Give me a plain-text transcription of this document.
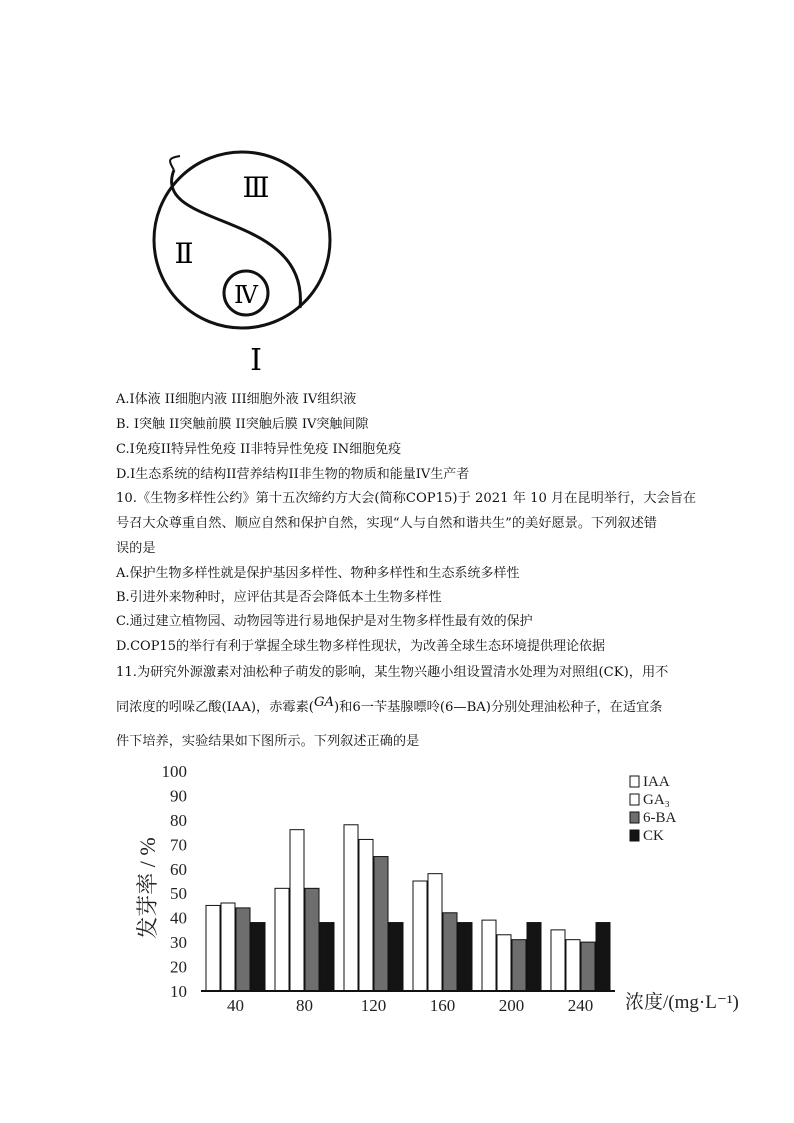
Ⅲ
Ⅱ
Ⅳ
Ⅰ
A.Ⅰ体液 II细胞内液 III细胞外液 IV组织液
B. Ⅰ突触 II突触前膜 II突触后膜 IV突触间隙
C.Ⅰ免疫II特异性免疫 II非特异性免疫 IN细胞免疫
D.Ⅰ生态系统的结构II营养结构II非生物的物质和能量IV生产者
10.《生物多样性公约》第十五次缔约方大会(简称COP15)于 2021 年 10 月在昆明举行，大会旨在
号召大众尊重自然、顺应自然和保护自然，实现“人与自然和谐共生”的美好愿景。下列叙述错
误的是
A.保护生物多样性就是保护基因多样性、物种多样性和生态系统多样性
B.引进外来物种时，应评估其是否会降低本土生物多样性
C.通过建立植物园、动物园等进行易地保护是对生物多样性最有效的保护
D.COP15的举行有利于掌握全球生物多样性现状，为改善全球生态环境提供理论依据
11.为研究外源激素对油松种子萌发的影响，某生物兴趣小组设置清水处理为对照组(CK)，用不
同浓度的吲哚乙酸(IAA)，赤霉素(GA)和6一苄基腺嘌呤(6—BA)分别处理油松种子，在适宜条
件下培养，实验结果如下图所示。下列叙述正确的是
10
20
30
40
50
60
70
80
90
100
40	80	120	160	200	240
IAA
GA₃
6-BA
CK
发芽率 / %
浓度/(mg·L⁻¹)
